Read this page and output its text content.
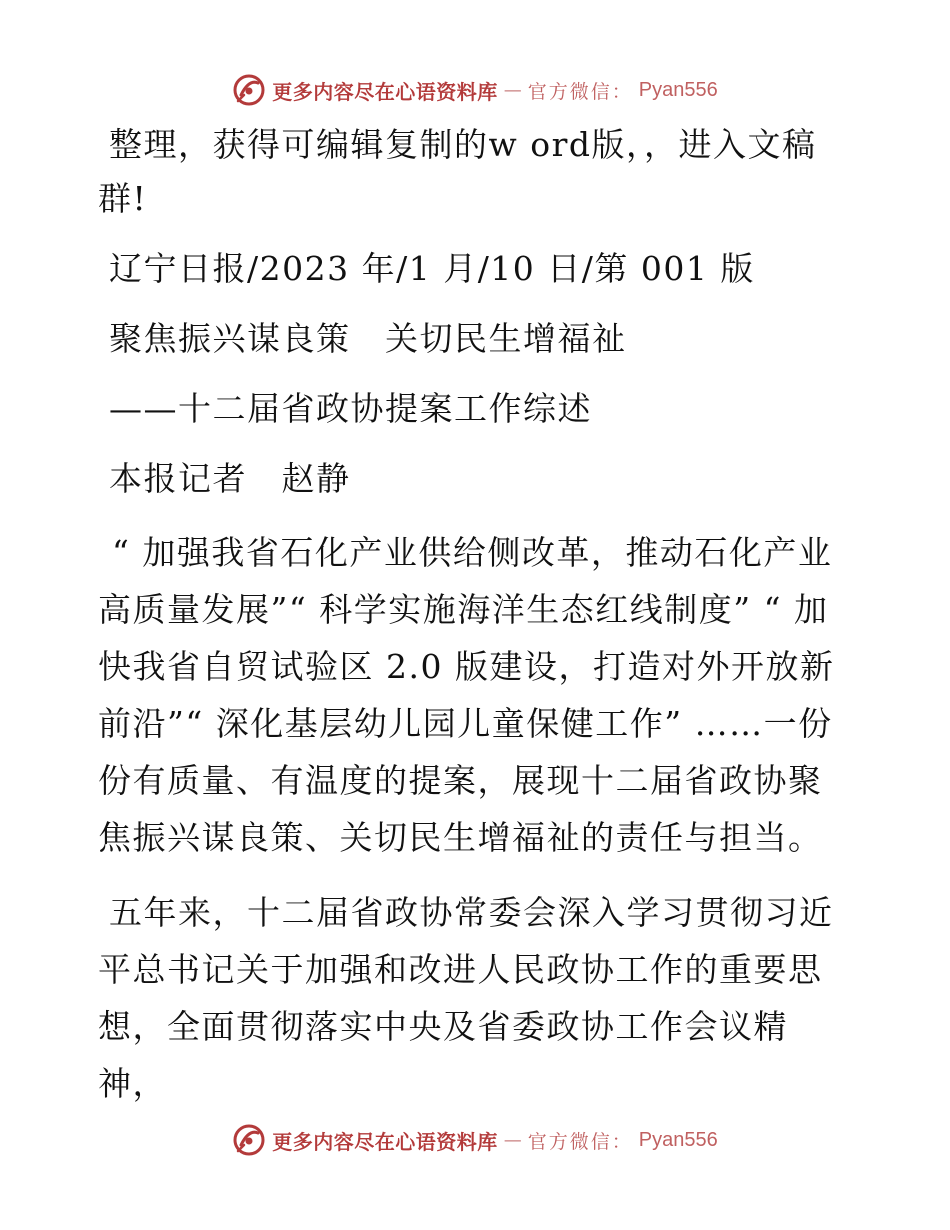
更多内容尽在心语资料库 — 官方微信： Pyan556

整理，获得可编辑复制的w ord版，，进入文稿群!

辽宁日报/2023 年/1 月/10 日/第 001 版

聚焦振兴谋良策　关切民生增福祉

——十二届省政协提案工作综述

本报记者　赵静

“ 加强我省石化产业供给侧改革，推动石化产业高质量发展”“ 科学实施海洋生态红线制度” “ 加快我省自贸试验区 2.0 版建设，打造对外开放新前沿”“ 深化基层幼儿园儿童保健工作” ……一份份有质量、有温度的提案，展现十二届省政协聚焦振兴谋良策、关切民生增福祉的责任与担当。

五年来，十二届省政协常委会深入学习贯彻习近平总书记关于加强和改进人民政协工作的重要思想，全面贯彻落实中央及省委政协工作会议精神，

更多内容尽在心语资料库 — 官方微信： Pyan556
